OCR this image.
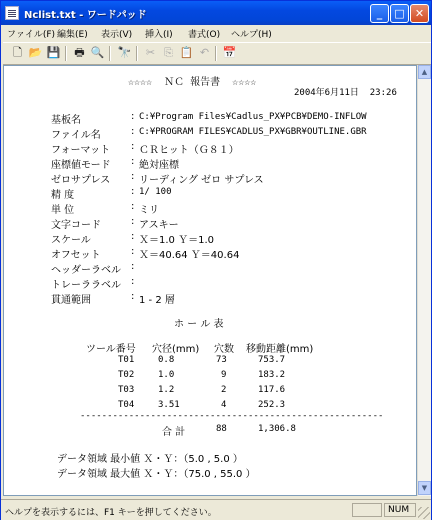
Nclist.txt - ワードパッド	_	□ ✕
ファイル(F) 編集(E) 表示(V) 挿入(I) 書式(O) ヘルプ(H)
🗋 📂 💾 🖶 🔍 🔭	✂ ⎘ 📋 ↶	📅
☆☆☆☆  ＮＣ 報告書  ☆☆☆☆
2004年6月11日  23:26
基板名	: C:¥Program Files¥Cadlus_PX¥PCB¥DEMO-INFLOW
ファイル名	: C:¥PROGRAM FILES¥CADLUS_PX¥GBR¥OUTLINE.GBR
フォーマット : ＣＲヒット（Ｇ８１）
座標値モード : 絶対座標
ゼロサプレス : リーディング ゼロ サプレス
精 度	: 1/ 100
単 位	: ミリ
文字コード	: アスキー
スケール	: Ｘ＝1.0 Ｙ＝1.0
オフセット	: Ｘ＝40.64 Ｙ＝40.64
ヘッダーラベル :
トレーララベル :
貫通範囲	: 1 - 2 層
ホ ー ル 表
ツール番号 穴径(mm) 穴数 移動距離(mm)
T01	0.8	73	753.7
T02	1.0	9	183.2
T03	1.2	2	117.6
T04	3.51	4	252.3
--------------------------------------------------------
合 計	88	1,306.8
データ領域 最小値 Ｘ・Ｙ：（5.0 , 5.0 ）
データ領域 最大値 Ｘ・Ｙ：（75.0 , 55.0 ）
▲
▼
ヘルプを表示するには、F1 キーを押してください。	NUM
